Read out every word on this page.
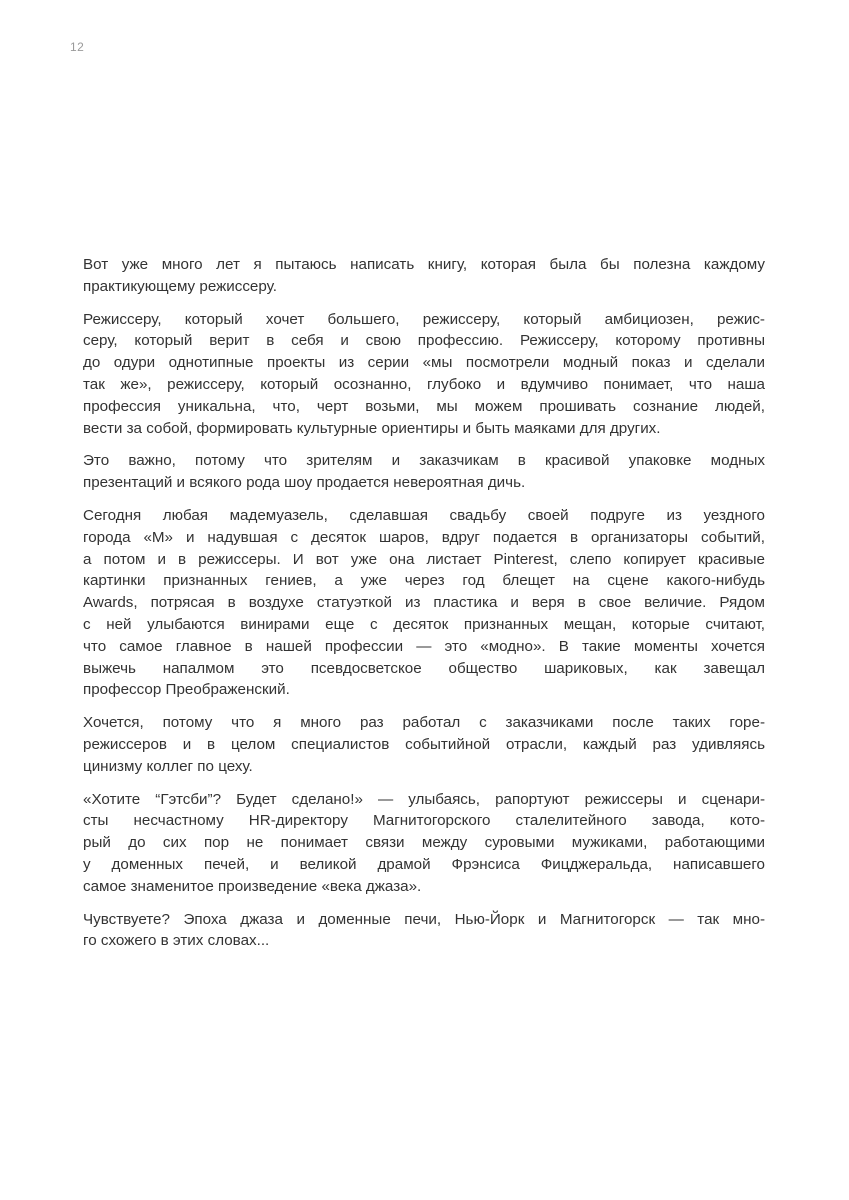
12

Вот уже много лет я пытаюсь написать книгу, которая была бы полезна каждому
практикующему режиссеру.

Режиссеру, который хочет большего, режиссеру, который амбициозен, режис-
серу, который верит в себя и свою профессию. Режиссеру, которому противны
до одури однотипные проекты из серии «мы посмотрели модный показ и сделали
так же», режиссеру, который осознанно, глубоко и вдумчиво понимает, что наша
профессия уникальна, что, черт возьми, мы можем прошивать сознание людей,
вести за собой, формировать культурные ориентиры и быть маяками для других.

Это важно, потому что зрителям и заказчикам в красивой упаковке модных
презентаций и всякого рода шоу продается невероятная дичь.

Сегодня любая мадемуазель, сделавшая свадьбу своей подруге из уездного
города «М» и надувшая с десяток шаров, вдруг подается в организаторы событий,
а потом и в режиссеры. И вот уже она листает Pinterest, слепо копирует красивые
картинки признанных гениев, а уже через год блещет на сцене какого-нибудь
Awards, потрясая в воздухе статуэткой из пластика и веря в свое величие. Рядом
с ней улыбаются винирами еще с десяток признанных мещан, которые считают,
что самое главное в нашей профессии — это «модно». В такие моменты хочется
выжечь напалмом это псевдосветское общество шариковых, как завещал
профессор Преображенский.

Хочется, потому что я много раз работал с заказчиками после таких горе-
режиссеров и в целом специалистов событийной отрасли, каждый раз удивляясь
цинизму коллег по цеху.

«Хотите “Гэтсби”? Будет сделано!» — улыбаясь, рапортуют режиссеры и сценари-
сты несчастному HR-директору Магнитогорского сталелитейного завода, кото-
рый до сих пор не понимает связи между суровыми мужиками, работающими
у доменных печей, и великой драмой Фрэнсиса Фицджеральда, написавшего
самое знаменитое произведение «века джаза».

Чувствуете? Эпоха джаза и доменные печи, Нью-Йорк и Магнитогорск — так мно-
го схожего в этих словах...
